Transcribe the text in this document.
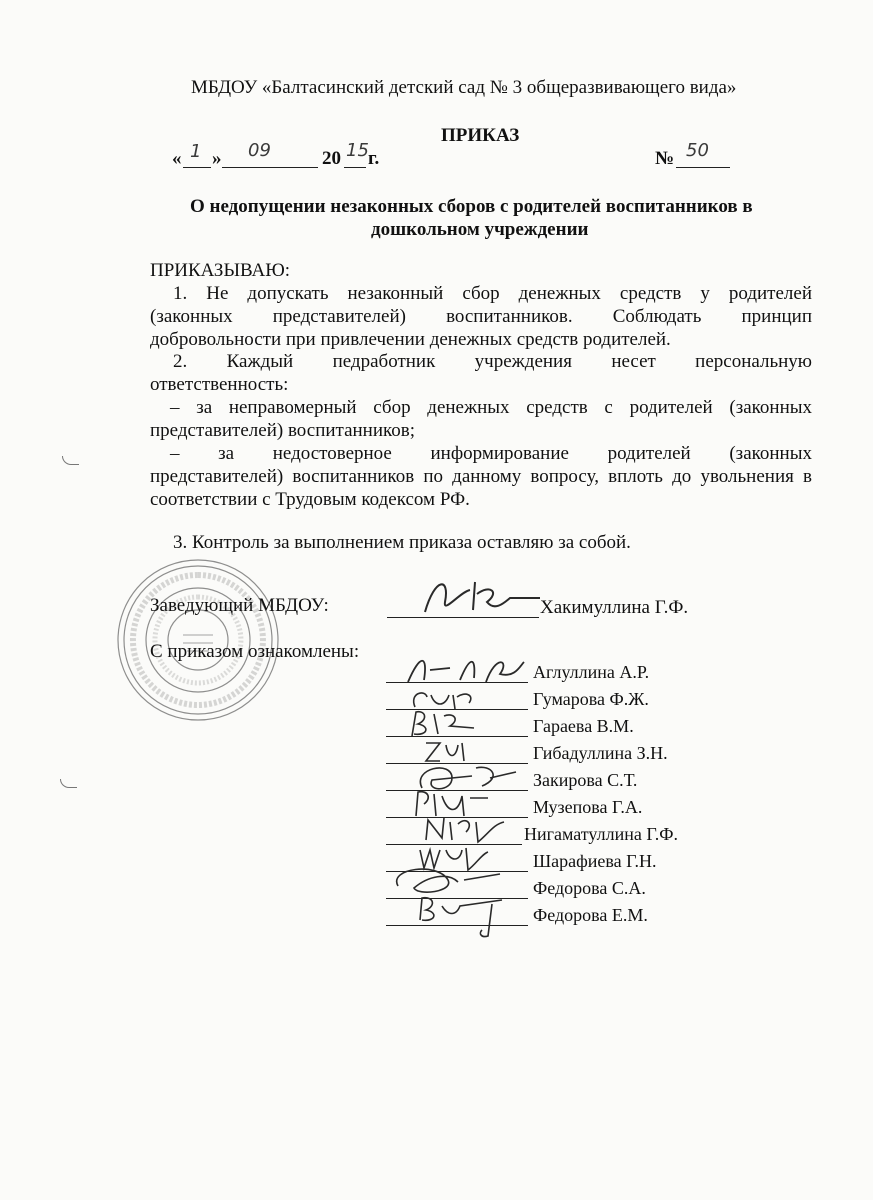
МБДОУ «Балтасинский детский сад № 3 общеразвивающего вида»
ПРИКАЗ
« 1 » 09	20 15 г.	№ 50
О недопущении незаконных сборов с родителей воспитанников в
дошкольном учреждении
ПРИКАЗЫВАЮ:
1. Не допускать незаконный сбор денежных средств у родителей
(законных представителей) воспитанников. Соблюдать принцип
добровольности при привлечении денежных средств родителей.
2. Каждый педработник учреждения несет персональную
ответственность:
– за неправомерный сбор денежных средств с родителей (законных
представителей) воспитанников;
– за недостоверное информирование родителей (законных
представителей) воспитанников по данному вопросу, вплоть до увольнения в
соответствии с Трудовым кодексом РФ.
3. Контроль за выполнением приказа оставляю за собой.
Заведующий МБДОУ:	Хакимуллина Г.Ф.
С приказом ознакомлены:
Аглуллина А.Р.
Гумарова Ф.Ж.
Гараева В.М.
Гибадуллина З.Н.
Закирова С.Т.
Музепова Г.А.
Нигаматуллина Г.Ф.
Шарафиева Г.Н.
Федорова С.А.
Федорова Е.М.
